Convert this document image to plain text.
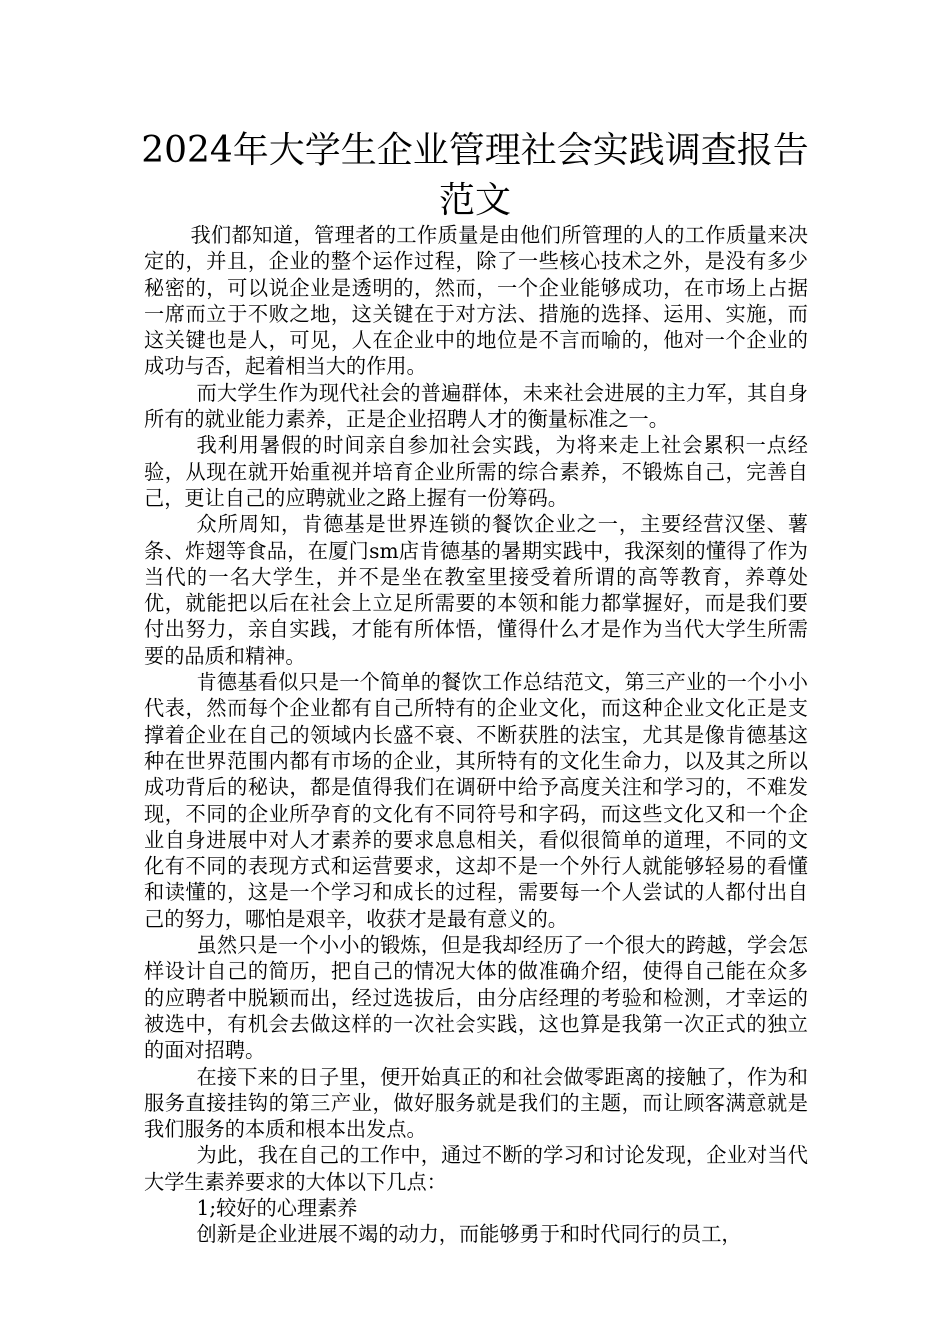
2024年大学生企业管理社会实践调查报告范文

我们都知道，管理者的工作质量是由他们所管理的人的工作质量来决定的，并且，企业的整个运作过程，除了一些核心技术之外，是没有多少秘密的，可以说企业是透明的，然而，一个企业能够成功，在市场上占据一席而立于不败之地，这关键在于对方法、措施的选择、运用、实施，而这关键也是人，可见，人在企业中的地位是不言而喻的，他对一个企业的成功与否，起着相当大的作用。

而大学生作为现代社会的普遍群体，未来社会进展的主力军，其自身所有的就业能力素养，正是企业招聘人才的衡量标准之一。

我利用暑假的时间亲自参加社会实践，为将来走上社会累积一点经验，从现在就开始重视并培育企业所需的综合素养，不锻炼自己，完善自己，更让自己的应聘就业之路上握有一份筹码。

众所周知，肯德基是世界连锁的餐饮企业之一，主要经营汉堡、薯条、炸翅等食品，在厦门sm店肯德基的暑期实践中，我深刻的懂得了作为当代的一名大学生，并不是坐在教室里接受着所谓的高等教育，养尊处优，就能把以后在社会上立足所需要的本领和能力都掌握好，而是我们要付出努力，亲自实践，才能有所体悟，懂得什么才是作为当代大学生所需要的品质和精神。

肯德基看似只是一个简单的餐饮工作总结范文，第三产业的一个小小代表，然而每个企业都有自己所特有的企业文化，而这种企业文化正是支撑着企业在自己的领域内长盛不衰、不断获胜的法宝，尤其是像肯德基这种在世界范围内都有市场的企业，其所特有的文化生命力，以及其之所以成功背后的秘诀，都是值得我们在调研中给予高度关注和学习的，不难发现，不同的企业所孕育的文化有不同符号和字码，而这些文化又和一个企业自身进展中对人才素养的要求息息相关，看似很简单的道理，不同的文化有不同的表现方式和运营要求，这却不是一个外行人就能够轻易的看懂和读懂的，这是一个学习和成长的过程，需要每一个人尝试的人都付出自己的努力，哪怕是艰辛，收获才是最有意义的。

虽然只是一个小小的锻炼，但是我却经历了一个很大的跨越，学会怎样设计自己的简历，把自己的情况大体的做准确介绍，使得自己能在众多的应聘者中脱颖而出，经过选拔后，由分店经理的考验和检测，才幸运的被选中，有机会去做这样的一次社会实践，这也算是我第一次正式的独立的面对招聘。

在接下来的日子里，便开始真正的和社会做零距离的接触了，作为和服务直接挂钩的第三产业，做好服务就是我们的主题，而让顾客满意就是我们服务的本质和根本出发点。

为此，我在自己的工作中，通过不断的学习和讨论发现，企业对当代大学生素养要求的大体以下几点：

1;较好的心理素养

创新是企业进展不竭的动力，而能够勇于和时代同行的员工，
